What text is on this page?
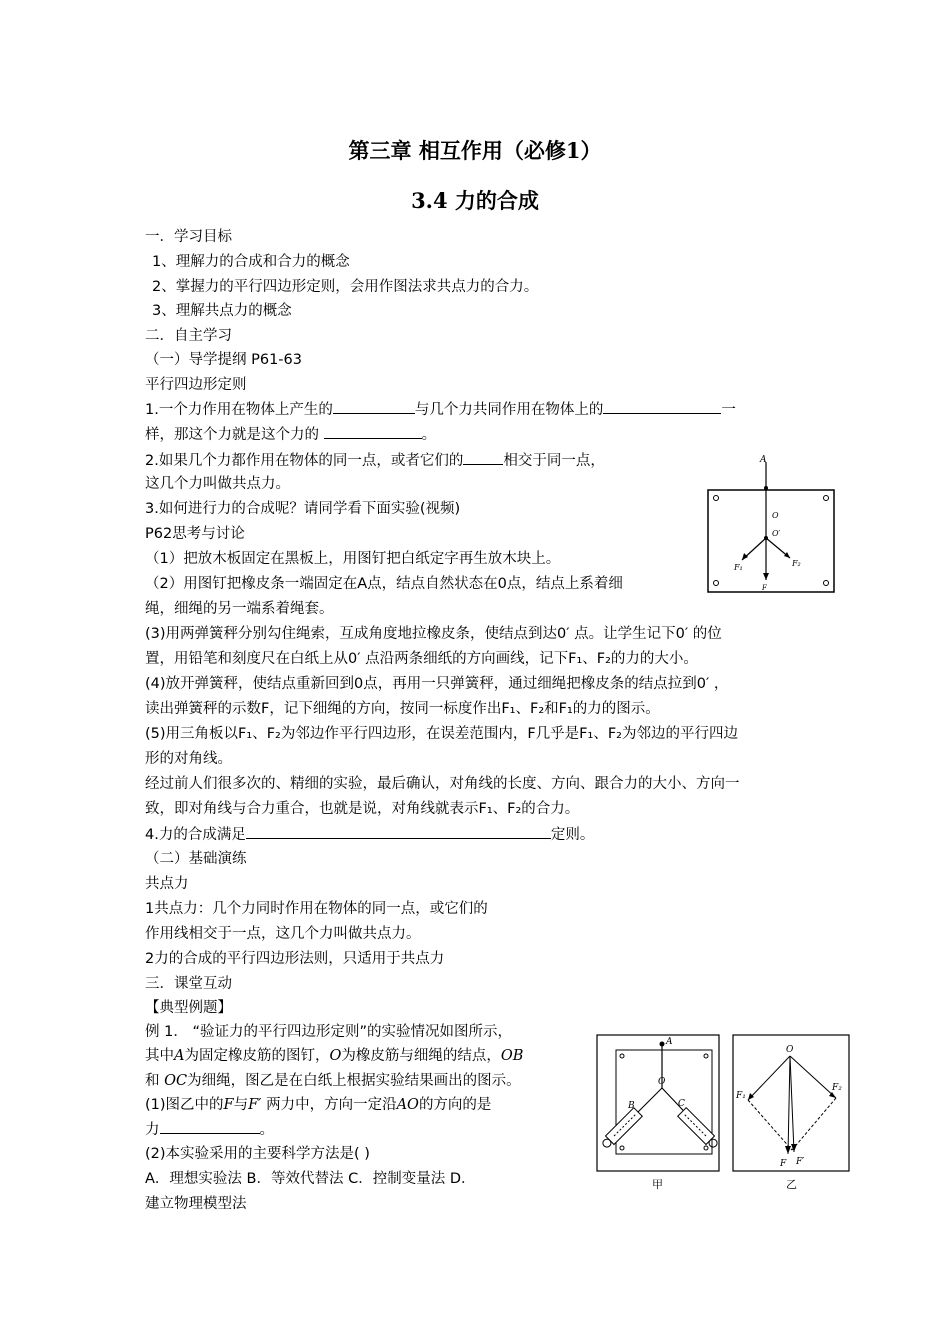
第三章 相互作用（必修1）
3.4 力的合成
一．学习目标
1、理解力的合成和合力的概念
2、掌握力的平行四边形定则，会用作图法求共点力的合力。
3、理解共点力的概念
二．自主学习
（一）导学提纲 P61-63
平行四边形定则
1.一个力作用在物体上产生的	与几个力共同作用在物体上的	一
样，那这个力就是这个力的	。
2.如果几个力都作用在物体的同一点，或者它们的	相交于同一点，
这几个力叫做共点力。
3.如何进行力的合成呢？请同学看下面实验(视频)
P62思考与讨论
（1）把放木板固定在黑板上，用图钉把白纸定字再生放木块上。
（2）用图钉把橡皮条一端固定在A点，结点自然状态在0点，结点上系着细
绳，细绳的另一端系着绳套。
(3)用两弹簧秤分别勾住绳索，互成角度地拉橡皮条，使结点到达0′ 点。让学生记下0′ 的位
置，用铅笔和刻度尺在白纸上从0′ 点沿两条细纸的方向画线，记下F₁、F₂的力的大小。
(4)放开弹簧秤，使结点重新回到0点，再用一只弹簧秤，通过细绳把橡皮条的结点拉到0′ ，
读出弹簧秤的示数F，记下细绳的方向，按同一标度作出F₁、F₂和F₁的力的图示。
(5)用三角板以F₁、F₂为邻边作平行四边形，在误差范围内，F几乎是F₁、F₂为邻边的平行四边
形的对角线。
经过前人们很多次的、精细的实验，最后确认，对角线的长度、方向、跟合力的大小、方向一
致，即对角线与合力重合，也就是说，对角线就表示F₁、F₂的合力。
4.力的合成满足	定则。
（二）基础演练
共点力
1共点力：几个力同时作用在物体的同一点，或它们的
作用线相交于一点，这几个力叫做共点力。
2力的合成的平行四边形法则，只适用于共点力
三．课堂互动
【典型例题】
例 1． “验证力的平行四边形定则”的实验情况如图所示，
其中A为固定橡皮筋的图钉，O为橡皮筋与细绳的结点，OB
和 OC为细绳，图乙是在白纸上根据实验结果画出的图示。
(1)图乙中的F与F′ 两力中，方向一定沿AO的方向的是
力	。
(2)本实验采用的主要科学方法是( )
A．理想实验法 B．等效代替法 C．控制变量法 D．
建立物理模型法
A
O
O′
F₁	F₂
F
A
O
B	C
甲
O
F₁
F₂
F F′
乙
